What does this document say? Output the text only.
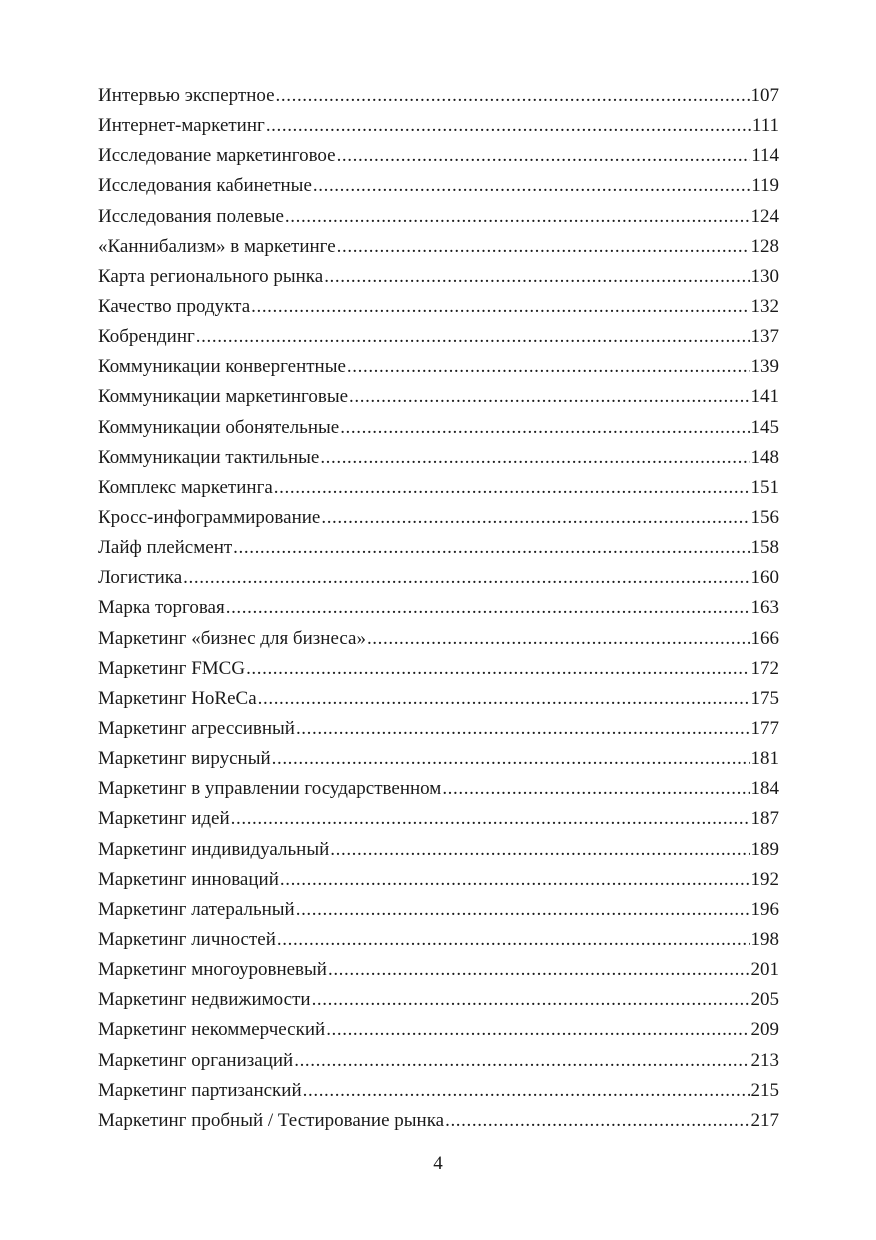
Интервью экспертное .....	107
Интернет-маркетинг .....	111
Исследование маркетинговое .....	114
Исследования кабинетные .....	119
Исследования полевые .....	124
«Каннибализм» в маркетинге .....	128
Карта регионального рынка .....	130
Качество продукта .....	132
Кобрендинг .....	137
Коммуникации конвергентные .....	139
Коммуникации маркетинговые .....	141
Коммуникации обонятельные .....	145
Коммуникации тактильные .....	148
Комплекс маркетинга .....	151
Кросс-инфограммирование .....	156
Лайф плейсмент .....	158
Логистика .....	160
Марка торговая .....	163
Маркетинг «бизнес для бизнеса» .....	166
Маркетинг FMCG .....	172
Маркетинг HoReCa .....	175
Маркетинг агрессивный .....	177
Маркетинг вирусный .....	181
Маркетинг в управлении государственном .....	184
Маркетинг идей .....	187
Маркетинг индивидуальный .....	189
Маркетинг инноваций .....	192
Маркетинг латеральный .....	196
Маркетинг личностей .....	198
Маркетинг многоуровневый .....	201
Маркетинг недвижимости .....	205
Маркетинг некоммерческий .....	209
Маркетинг организаций .....	213
Маркетинг партизанский .....	215
Маркетинг пробный / Тестирование рынка .....	217
4
